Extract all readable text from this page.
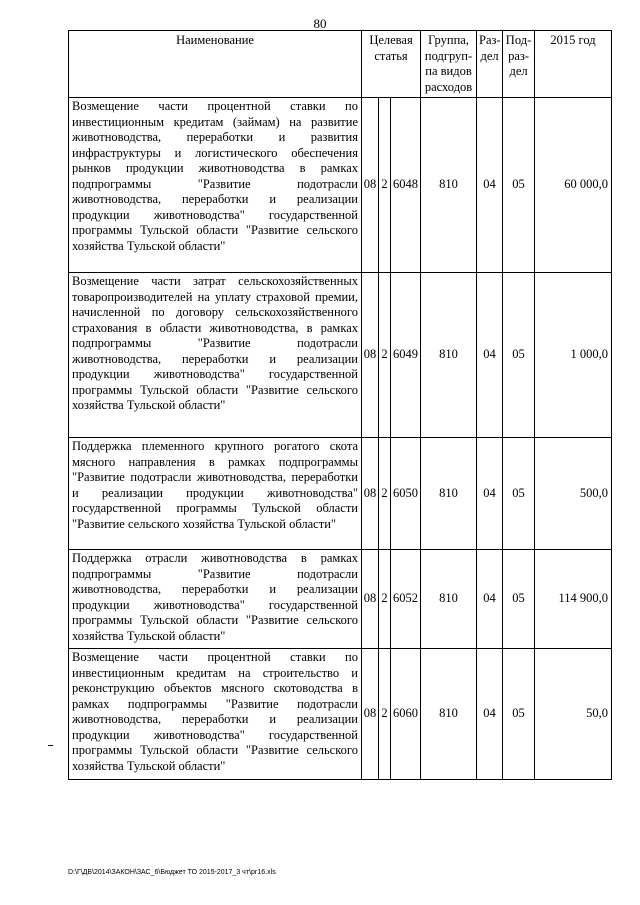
80
Наименование	Целевая статья			Группа, подгруп-па видов расходов	Раз-дел	Под-раз-дел	2015 год
Возмещение части процентной ставки по инвестиционным кредитам (займам) на развитие животноводства, переработки и развития инфраструктуры и логистического обеспечения рынков продукции животноводства в рамках подпрограммы "Развитие подотрасли животноводства, переработки и реализации продукции животноводства" государственной программы Тульской области "Развитие сельского хозяйства Тульской области"	08	2	6048	810	04	05	60 000,0
Возмещение части затрат сельскохозяйственных товаропроизводителей на уплату страховой премии, начисленной по договору сельскохозяйственного страхования в области животноводства, в рамках подпрограммы "Развитие подотрасли животноводства, переработки и реализации продукции животноводства" государственной программы Тульской области "Развитие сельского хозяйства Тульской области"	08	2	6049	810	04	05	1 000,0
Поддержка племенного крупного рогатого скота мясного направления в рамках подпрограммы "Развитие подотрасли животноводства, переработки и реализации продукции животноводства" государственной программы Тульской области "Развитие сельского хозяйства Тульской области"	08	2	6050	810	04	05	500,0
Поддержка отрасли животноводства в рамках подпрограммы "Развитие подотрасли животноводства, переработки и реализации продукции животноводства" государственной программы Тульской области "Развитие сельского хозяйства Тульской области"	08	2	6052	810	04	05	114 900,0
Возмещение части процентной ставки по инвестиционным кредитам на строительство и реконструкцию объектов мясного скотоводства в рамках подпрограммы "Развитие подотрасли животноводства, переработки и реализации продукции животноводства" государственной программы Тульской области "Развитие сельского хозяйства Тульской области"	08	2	6060	810	04	05	50,0
D:\Г\ДБ\2014\ЗАКОН\ЗАС_6\Бюджет ТО 2015-2017_3 чт\рг16.xls
